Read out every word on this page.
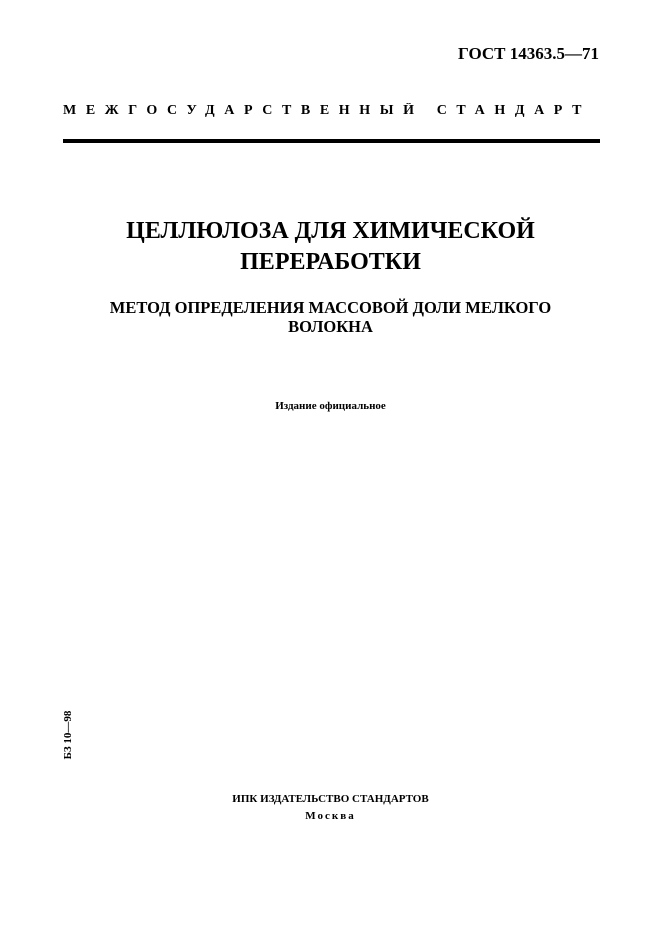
ГОСТ 14363.5—71
МЕЖГОСУДАРСТВЕННЫЙ СТАНДАРТ
ЦЕЛЛЮЛОЗА ДЛЯ ХИМИЧЕСКОЙ
ПЕРЕРАБОТКИ
МЕТОД ОПРЕДЕЛЕНИЯ МАССОВОЙ ДОЛИ МЕЛКОГО
ВОЛОКНА
Издание официальное
БЗ 10—98
ИПК ИЗДАТЕЛЬСТВО СТАНДАРТОВ
Москва
